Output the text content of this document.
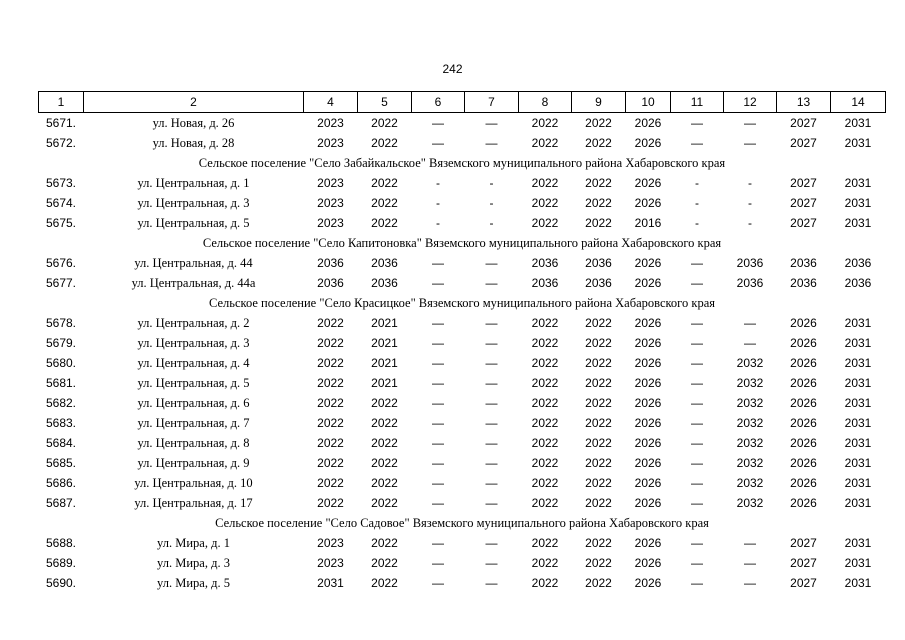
242
1	2	4	5	6	7	8	9	10	11	12	13	14
5671.	ул. Новая, д. 26	2023	2022	—	—	2022	2022	2026	—	—	2027	2031
5672.	ул. Новая, д. 28	2023	2022	—	—	2022	2022	2026	—	—	2027	2031
Сельское поселение "Село Забайкальское" Вяземского муниципального района Хабаровского края												
5673.	ул. Центральная, д. 1	2023	2022	-	-	2022	2022	2026	-	-	2027	2031
5674.	ул. Центральная, д. 3	2023	2022	-	-	2022	2022	2026	-	-	2027	2031
5675.	ул. Центральная, д. 5	2023	2022	-	-	2022	2022	2016	-	-	2027	2031
Сельское поселение "Село Капитоновка" Вяземского муниципального района Хабаровского края												
5676.	ул. Центральная, д. 44	2036	2036	—	—	2036	2036	2026	—	2036	2036	2036
5677.	ул. Центральная, д. 44а	2036	2036	—	—	2036	2036	2026	—	2036	2036	2036
Сельское поселение "Село Красицкое" Вяземского муниципального района Хабаровского края												
5678.	ул. Центральная, д. 2	2022	2021	—	—	2022	2022	2026	—	—	2026	2031
5679.	ул. Центральная, д. 3	2022	2021	—	—	2022	2022	2026	—	—	2026	2031
5680.	ул. Центральная, д. 4	2022	2021	—	—	2022	2022	2026	—	2032	2026	2031
5681.	ул. Центральная, д. 5	2022	2021	—	—	2022	2022	2026	—	2032	2026	2031
5682.	ул. Центральная, д. 6	2022	2022	—	—	2022	2022	2026	—	2032	2026	2031
5683.	ул. Центральная, д. 7	2022	2022	—	—	2022	2022	2026	—	2032	2026	2031
5684.	ул. Центральная, д. 8	2022	2022	—	—	2022	2022	2026	—	2032	2026	2031
5685.	ул. Центральная, д. 9	2022	2022	—	—	2022	2022	2026	—	2032	2026	2031
5686.	ул. Центральная, д. 10	2022	2022	—	—	2022	2022	2026	—	2032	2026	2031
5687.	ул. Центральная, д. 17	2022	2022	—	—	2022	2022	2026	—	2032	2026	2031
Сельское поселение "Село Садовое" Вяземского муниципального района Хабаровского края												
5688.	ул. Мира, д. 1	2023	2022	—	—	2022	2022	2026	—	—	2027	2031
5689.	ул. Мира, д. 3	2023	2022	—	—	2022	2022	2026	—	—	2027	2031
5690.	ул. Мира, д. 5	2031	2022	—	—	2022	2022	2026	—	—	2027	2031
